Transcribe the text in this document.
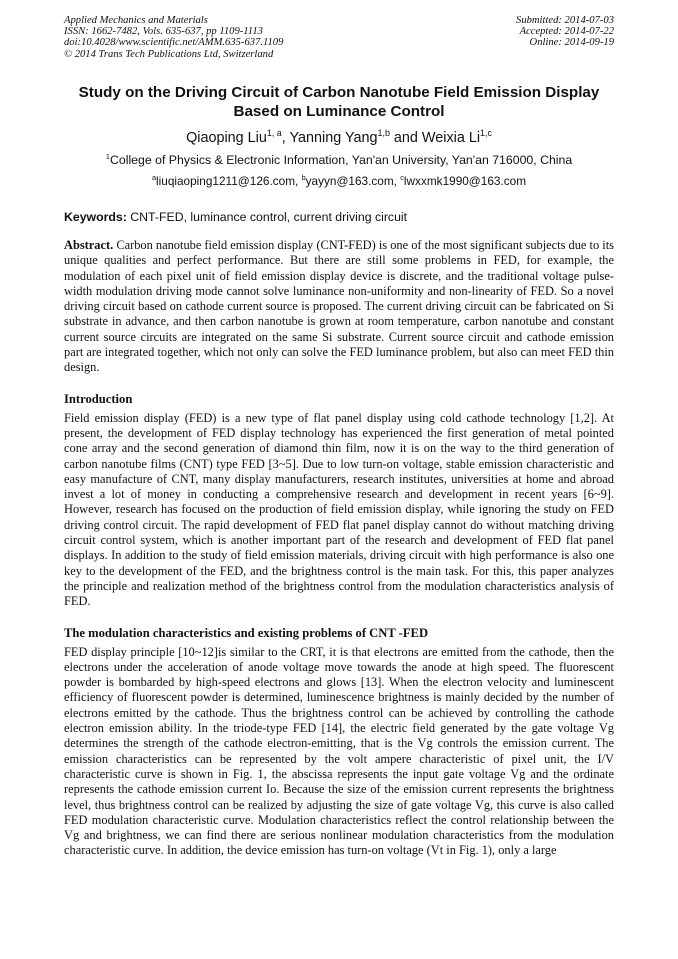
Applied Mechanics and Materials
ISSN: 1662-7482, Vols. 635-637, pp 1109-1113
doi:10.4028/www.scientific.net/AMM.635-637.1109
© 2014 Trans Tech Publications Ltd, Switzerland
Submitted: 2014-07-03
Accepted: 2014-07-22
Online: 2014-09-19
Study on the Driving Circuit of Carbon Nanotube Field Emission Display
Based on Luminance Control
Qiaoping Liu$^{1, a}$, Yanning Yang$^{1,b}$ and Weixia Li$^{1,c}$
$^1$College of Physics & Electronic Information, Yan'an University, Yan'an 716000, China
$^a$liuqiaoping1211@126.com, $^b$yayyn@163.com, $^c$lwxxmk1990@163.com
Keywords: CNT-FED, luminance control, current driving circuit

Abstract. Carbon nanotube field emission display (CNT-FED) is one of the most significant subjects due to its unique qualities and perfect performance. But there are still some problems in FED, for example, the modulation of each pixel unit of field emission display device is discrete, and the traditional voltage pulse-width modulation driving mode cannot solve luminance non-uniformity and non-linearity of FED. So a novel driving circuit based on cathode current source is proposed. The current driving circuit can be fabricated on Si substrate in advance, and then carbon nanotube is grown at room temperature, carbon nanotube and constant current source circuits are integrated on the same Si substrate. Current source circuit and cathode emission part are integrated together, which not only can solve the FED luminance problem, but also can meet FED thin design.

Introduction

Field emission display (FED) is a new type of flat panel display using cold cathode technology [1,2]. At present, the development of FED display technology has experienced the first generation of metal pointed cone array and the second generation of diamond thin film, now it is on the way to the third generation of carbon nanotube films (CNT) type FED [3~5]. Due to low turn-on voltage, stable emission characteristic and easy manufacture of CNT, many display manufacturers, research institutes, universities at home and abroad invest a lot of money in conducting a comprehensive research and development in recent years [6~9]. However, research has focused on the production of field emission display, while ignoring the study on FED driving control circuit. The rapid development of FED flat panel display cannot do without matching driving circuit control system, which is another important part of the research and development of FED flat panel displays. In addition to the study of field emission materials, driving circuit with high performance is also one key to the development of the FED, and the brightness control is the main task. For this, this paper analyzes the principle and realization method of the brightness control from the modulation characteristics analysis of FED.

The modulation characteristics and existing problems of CNT -FED

FED display principle [10~12]is similar to the CRT, it is that electrons are emitted from the cathode, then the electrons under the acceleration of anode voltage move towards the anode at high speed. The fluorescent powder is bombarded by high-speed electrons and glows [13]. When the electron velocity and luminescent efficiency of fluorescent powder is determined, luminescence brightness is mainly decided by the number of electrons emitted by the cathode. Thus the brightness control can be achieved by controlling the cathode electron emission ability. In the triode-type FED [14], the electric field generated by the gate voltage Vg determines the strength of the cathode electron-emitting, that is the Vg controls the emission current. The emission characteristics can be represented by the volt ampere characteristic of pixel unit, the I/V characteristic curve is shown in Fig. 1, the abscissa represents the input gate voltage Vg and the ordinate represents the cathode emission current Io. Because the size of the emission current represents the brightness level, thus brightness control can be realized by adjusting the size of gate voltage Vg, this curve is also called FED modulation characteristic curve. Modulation characteristics reflect the control relationship between the Vg and brightness, we can find there are serious nonlinear modulation characteristics from the modulation characteristic curve. In addition, the device emission has turn-on voltage (Vt in Fig. 1), only a large
